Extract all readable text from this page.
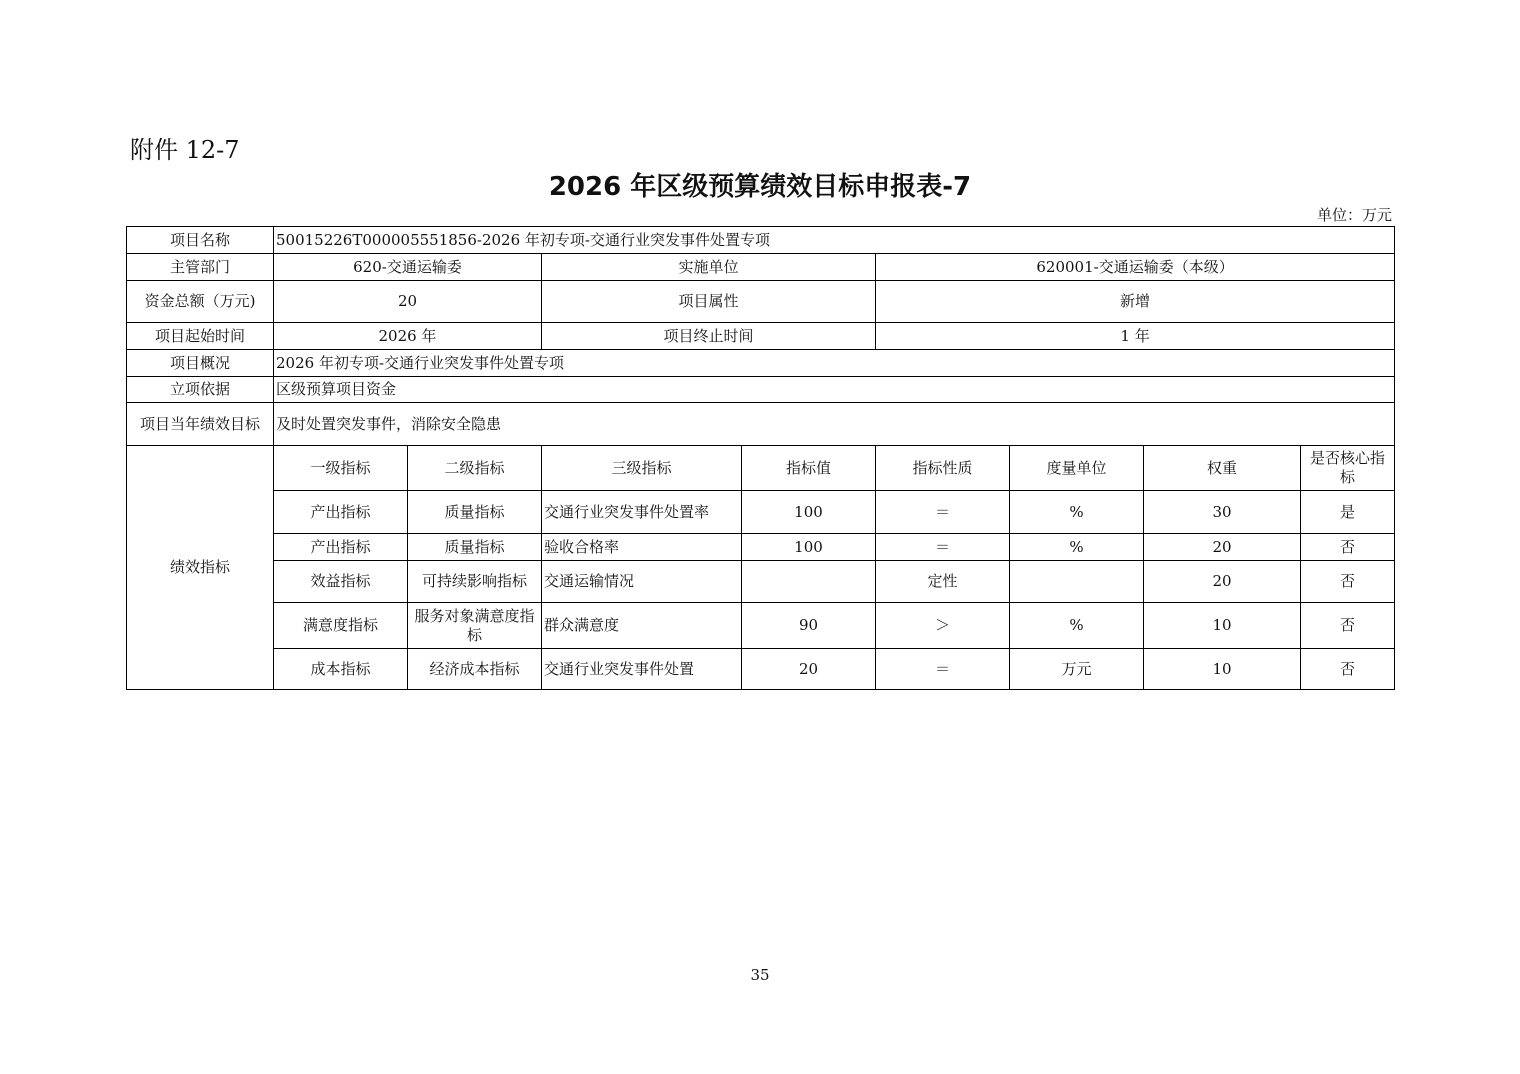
附件 12-7
2026 年区级预算绩效目标申报表-7
单位：万元
项目名称	50015226T000005551856-2026 年初专项-交通行业突发事件处置专项							
主管部门	620-交通运输委		实施单位		620001-交通运输委（本级）			
资金总额（万元)	20		项目属性		新增			
项目起始时间	2026 年		项目终止时间		1 年			
项目概况	2026 年初专项-交通行业突发事件处置专项							
立项依据	区级预算项目资金							
项目当年绩效目标	及时处置突发事件，消除安全隐患							
绩效指标	一级指标	二级指标	三级指标	指标值	指标性质	度量单位	权重	是否核心指标
	产出指标	质量指标	交通行业突发事件处置率	100	＝	%	30	是
	产出指标	质量指标	验收合格率	100	＝	%	20	否
	效益指标	可持续影响指标	交通运输情况		定性		20	否
	满意度指标	服务对象满意度指标	群众满意度	90	＞	%	10	否
	成本指标	经济成本指标	交通行业突发事件处置	20	＝	万元	10	否
35
